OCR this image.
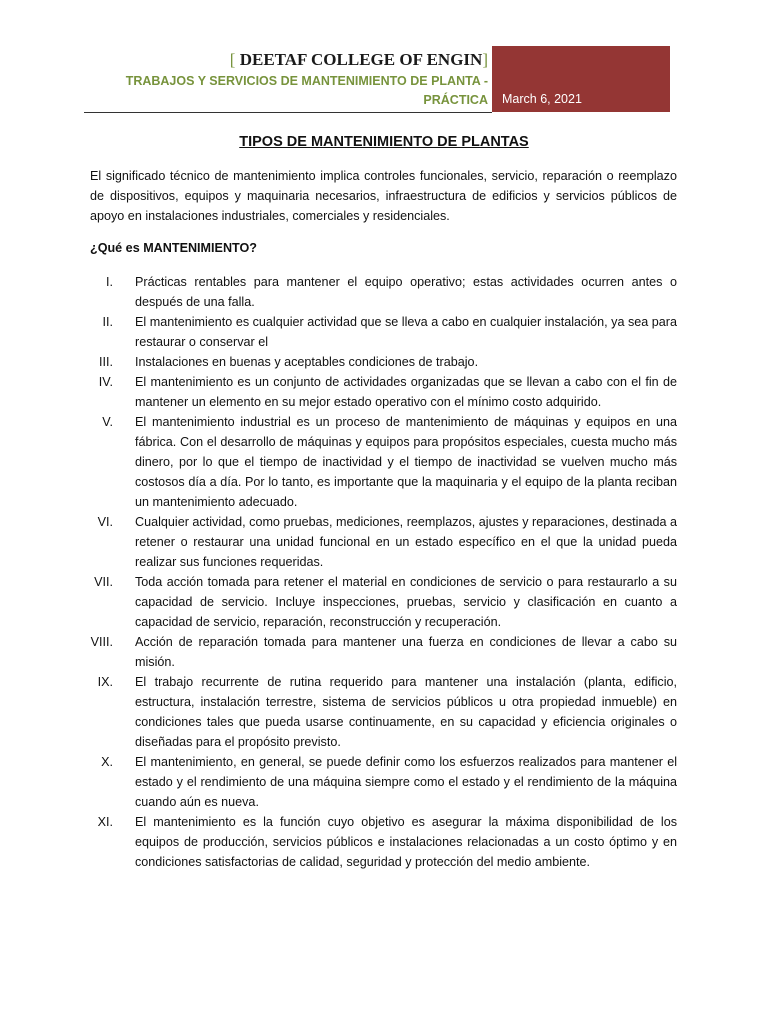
[ DEETAF COLLEGE OF ENGIN]
TRABAJOS Y SERVICIOS DE MANTENIMIENTO DE PLANTA - PRÁCTICA March 6, 2021
TIPOS DE MANTENIMIENTO DE PLANTAS

El significado técnico de mantenimiento implica controles funcionales, servicio, reparación o reemplazo de dispositivos, equipos y maquinaria necesarios, infraestructura de edificios y servicios públicos de apoyo en instalaciones industriales, comerciales y residenciales.

¿Qué es MANTENIMIENTO?

I. Prácticas rentables para mantener el equipo operativo; estas actividades ocurren antes o después de una falla.
II. El mantenimiento es cualquier actividad que se lleva a cabo en cualquier instalación, ya sea para restaurar o conservar el
III. Instalaciones en buenas y aceptables condiciones de trabajo.
IV. El mantenimiento es un conjunto de actividades organizadas que se llevan a cabo con el fin de mantener un elemento en su mejor estado operativo con el mínimo costo adquirido.
V. El mantenimiento industrial es un proceso de mantenimiento de máquinas y equipos en una fábrica. Con el desarrollo de máquinas y equipos para propósitos especiales, cuesta mucho más dinero, por lo que el tiempo de inactividad y el tiempo de inactividad se vuelven mucho más costosos día a día. Por lo tanto, es importante que la maquinaria y el equipo de la planta reciban un mantenimiento adecuado.
VI. Cualquier actividad, como pruebas, mediciones, reemplazos, ajustes y reparaciones, destinada a retener o restaurar una unidad funcional en un estado específico en el que la unidad pueda realizar sus funciones requeridas.
VII. Toda acción tomada para retener el material en condiciones de servicio o para restaurarlo a su capacidad de servicio. Incluye inspecciones, pruebas, servicio y clasificación en cuanto a capacidad de servicio, reparación, reconstrucción y recuperación.
VIII. Acción de reparación tomada para mantener una fuerza en condiciones de llevar a cabo su misión.
IX. El trabajo recurrente de rutina requerido para mantener una instalación (planta, edificio, estructura, instalación terrestre, sistema de servicios públicos u otra propiedad inmueble) en condiciones tales que pueda usarse continuamente, en su capacidad y eficiencia originales o diseñadas para el propósito previsto.
X. El mantenimiento, en general, se puede definir como los esfuerzos realizados para mantener el estado y el rendimiento de una máquina siempre como el estado y el rendimiento de la máquina cuando aún es nueva.
XI. El mantenimiento es la función cuyo objetivo es asegurar la máxima disponibilidad de los equipos de producción, servicios públicos e instalaciones relacionadas a un costo óptimo y en condiciones satisfactorias de calidad, seguridad y protección del medio ambiente.
